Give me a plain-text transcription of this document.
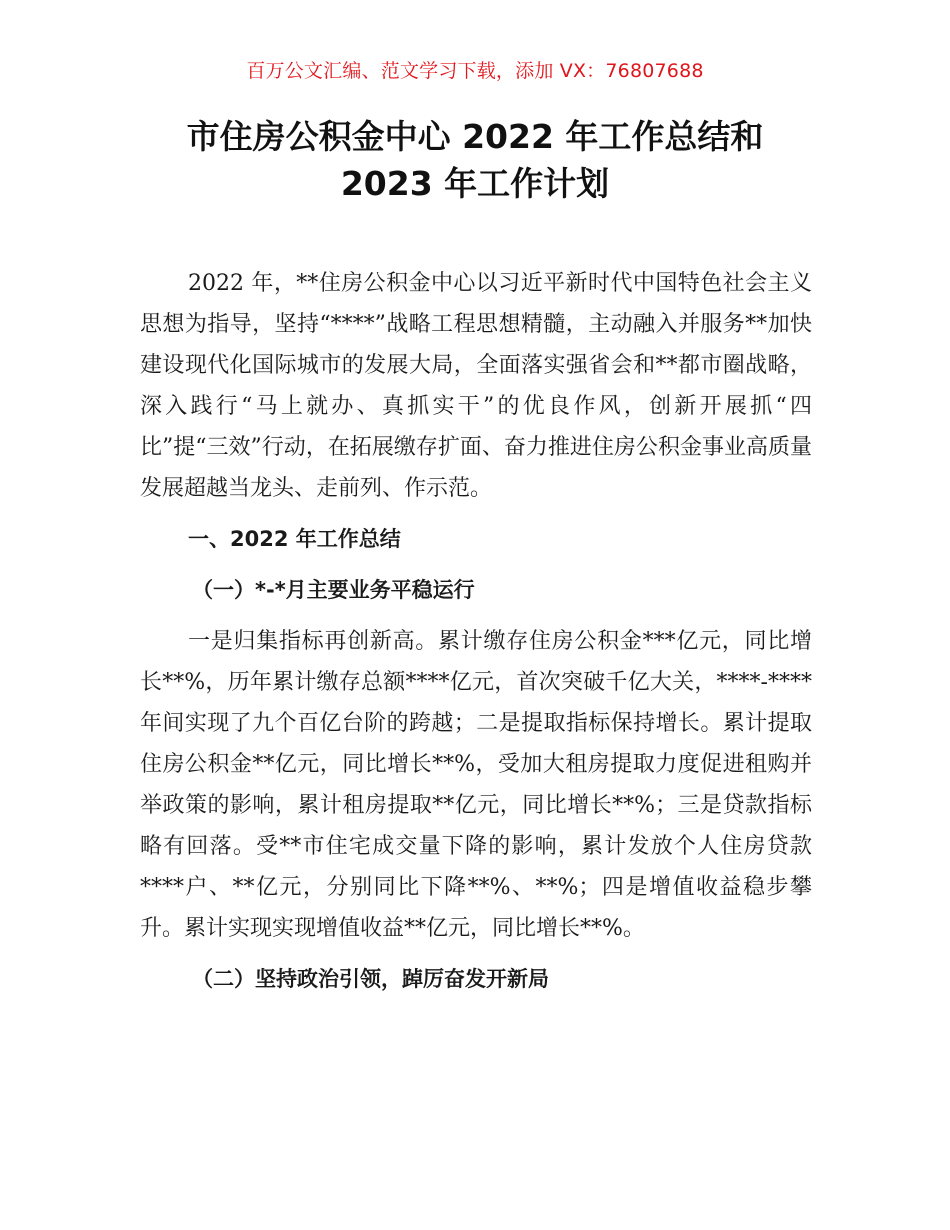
百万公文汇编、范文学习下载，添加 VX：76807688
市住房公积金中心 2022 年工作总结和
2023 年工作计划

2022 年，**住房公积金中心以习近平新时代中国特色社会主义思想为指导，坚持“****”战略工程思想精髓，主动融入并服务**加快建设现代化国际城市的发展大局，全面落实强省会和**都市圈战略，深入践行“马上就办、真抓实干”的优良作风，创新开展抓“四比”提“三效”行动，在拓展缴存扩面、奋力推进住房公积金事业高质量发展超越当龙头、走前列、作示范。

一、2022 年工作总结

（一）*-*月主要业务平稳运行

一是归集指标再创新高。累计缴存住房公积金***亿元，同比增长**%，历年累计缴存总额****亿元，首次突破千亿大关，****-****年间实现了九个百亿台阶的跨越；二是提取指标保持增长。累计提取住房公积金**亿元，同比增长**%，受加大租房提取力度促进租购并举政策的影响，累计租房提取**亿元，同比增长**%；三是贷款指标略有回落。受**市住宅成交量下降的影响，累计发放个人住房贷款****户、**亿元，分别同比下降**%、**%；四是增值收益稳步攀升。累计实现实现增值收益**亿元，同比增长**%。

（二）坚持政治引领，踔厉奋发开新局
